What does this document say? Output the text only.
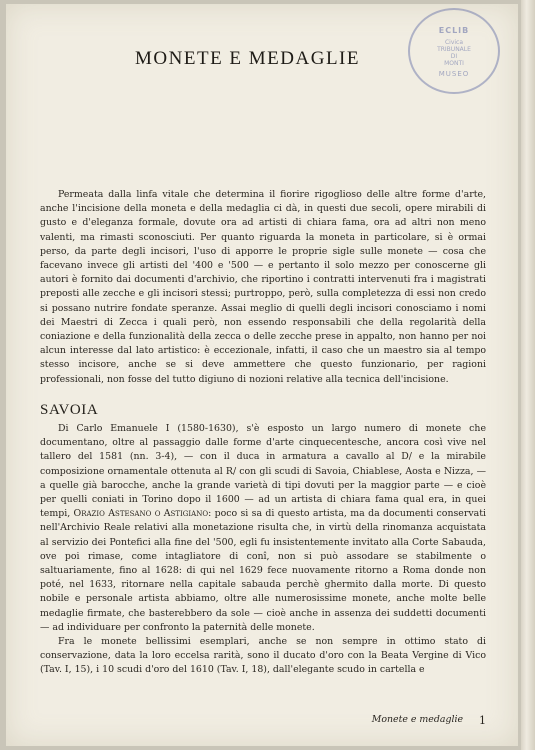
ECLIB
Civica
TRIBUNALE
DI
MONTI
MUSEO
MONETE E MEDAGLIE

Permeata dalla linfa vitale che determina il fiorire rigoglioso delle altre forme d'arte, anche l'incisione della moneta e della medaglia ci dà, in questi due secoli, opere mirabili di gusto e d'eleganza formale, dovute ora ad artisti di chiara fama, ora ad altri non meno valenti, ma rimasti sconosciuti. Per quanto riguarda la moneta in particolare, si è ormai perso, da parte degli incisori, l'uso di apporre le proprie sigle sulle monete — cosa che facevano invece gli artisti del '400 e '500 — e pertanto il solo mezzo per conoscerne gli autori è fornito dai documenti d'archivio, che riportino i contratti intervenuti fra i magistrati preposti alle zecche e gli incisori stessi; purtroppo, però, sulla completezza di essi non credo si possano nutrire fondate speranze. Assai meglio di quelli degli incisori conosciamo i nomi dei Maestri di Zecca i quali però, non essendo responsabili che della regolarità della coniazione e della funzionalità della zecca o delle zecche prese in appalto, non hanno per noi alcun interesse dal lato artistico: è eccezionale, infatti, il caso che un maestro sia al tempo stesso incisore, anche se si deve ammettere che questo funzionario, per ragioni professionali, non fosse del tutto digiuno di nozioni relative alla tecnica dell'incisione.

SAVOIA

Di Carlo Emanuele I (1580-1630), s'è esposto un largo numero di monete che documentano, oltre al passaggio dalle forme d'arte cinquecentesche, ancora così vive nel tallero del 1581 (nn. 3-4), — con il duca in armatura a cavallo al D/ e la mirabile composizione ornamentale ottenuta al R/ con gli scudi di Savoia, Chiablese, Aosta e Nizza, — a quelle già barocche, anche la grande varietà di tipi dovuti per la maggior parte — e cioè per quelli coniati in Torino dopo il 1600 — ad un artista di chiara fama qual era, in quei tempi, Orazio Astesano o Astigiano: poco si sa di questo artista, ma da documenti conservati nell'Archivio Reale relativi alla monetazione risulta che, in virtù della rinomanza acquistata al servizio dei Pontefici alla fine del '500, egli fu insistentemente invitato alla Corte Sabauda, ove poi rimase, come intagliatore di conî, non si può assodare se stabilmente o saltuariamente, fino al 1628: di qui nel 1629 fece nuovamente ritorno a Roma donde non poté, nel 1633, ritornare nella capitale sabauda perchè ghermito dalla morte. Di questo nobile e personale artista abbiamo, oltre alle numerosissime monete, anche molte belle medaglie firmate, che basterebbero da sole — cioè anche in assenza dei suddetti documenti — ad individuare per confronto la paternità delle monete.

Fra le monete bellissimi esemplari, anche se non sempre in ottimo stato di conservazione, data la loro eccelsa rarità, sono il ducato d'oro con la Beata Vergine di Vico (Tav. I, 15), i 10 scudi d'oro del 1610 (Tav. I, 18), dall'elegante scudo in cartella e

Monete e medaglie 1
